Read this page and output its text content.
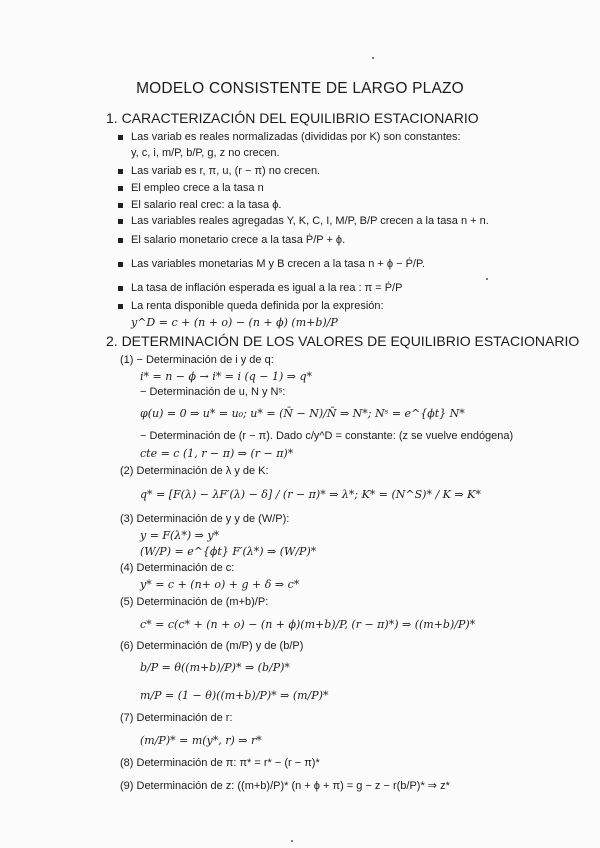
MODELO CONSISTENTE DE LARGO PLAZO
1. CARACTERIZACIÓN DEL EQUILIBRIO ESTACIONARIO
Las variab es reales normalizadas (divididas por K) son constantes:
y, c, i, m/P, b/P, g, z no crecen.
Las variab es r, π, u, (r − π) no crecen.
El empleo crece a la tasa n
El salario real crec: a la tasa ϕ.
Las variables reales agregadas Y, K, C, I, M/P, B/P crecen a la tasa n + n.
El salario monetario crece a la tasa Ṗ/P + ϕ.
Las variables monetarias M y B crecen a la tasa n + ϕ − Ṗ/P.
La tasa de inflación esperada es igual a la rea : π = Ṗ/P
La renta disponible queda definida por la expresión:
y^D = c + (n + o) − (n + ϕ) (m+b)/P
2. DETERMINACIÓN DE LOS VALORES DE EQUILIBRIO ESTACIONARIO
(1) − Determinación de i y de q:
i* = n − ϕ → i* = i (q − 1) ⇒ q*
− Determinación de u, N y Nˢ:
φ(u) = 0 ⇒ u* = u₀; u* = (N̄ − N)/N̄ ⇒ N*; Nˢ = e^{ϕt} N*
− Determinación de (r − π). Dado c/y^D = constante: (z se vuelve endógena)
cte = c (1, r − π) ⇒ (r − π)*
(2) Determinación de λ y de K:
q* = [F(λ) − λF′(λ) − δ] / (r − π)* ⇒ λ*; K* = (N^S)* / K ⇒ K*
(3) Determinación de y y de (W/P):
y = F(λ*) ⇒ y*
(W/P) = e^{ϕt} F′(λ*) ⇒ (W/P)*
(4) Determinación de c:
y* = c + (n+ o) + g + δ ⇒ c*
(5) Determinación de (m+b)/P:
c* = c(c* + (n + o) − (n + ϕ)(m+b)/P, (r − π)*) ⇒ ((m+b)/P)*
(6) Determinación de (m/P) y de (b/P)
b/P = θ((m+b)/P)* ⇒ (b/P)*
m/P = (1 − θ)((m+b)/P)* ⇒ (m/P)*
(7) Determinación de r:
(m/P)* = m(y*, r) ⇒ r*
(8) Determinación de π: π* = r* − (r − π)*
(9) Determinación de z: ((m+b)/P)* (n + ϕ + π) = g − z − r(b/P)* ⇒ z*
